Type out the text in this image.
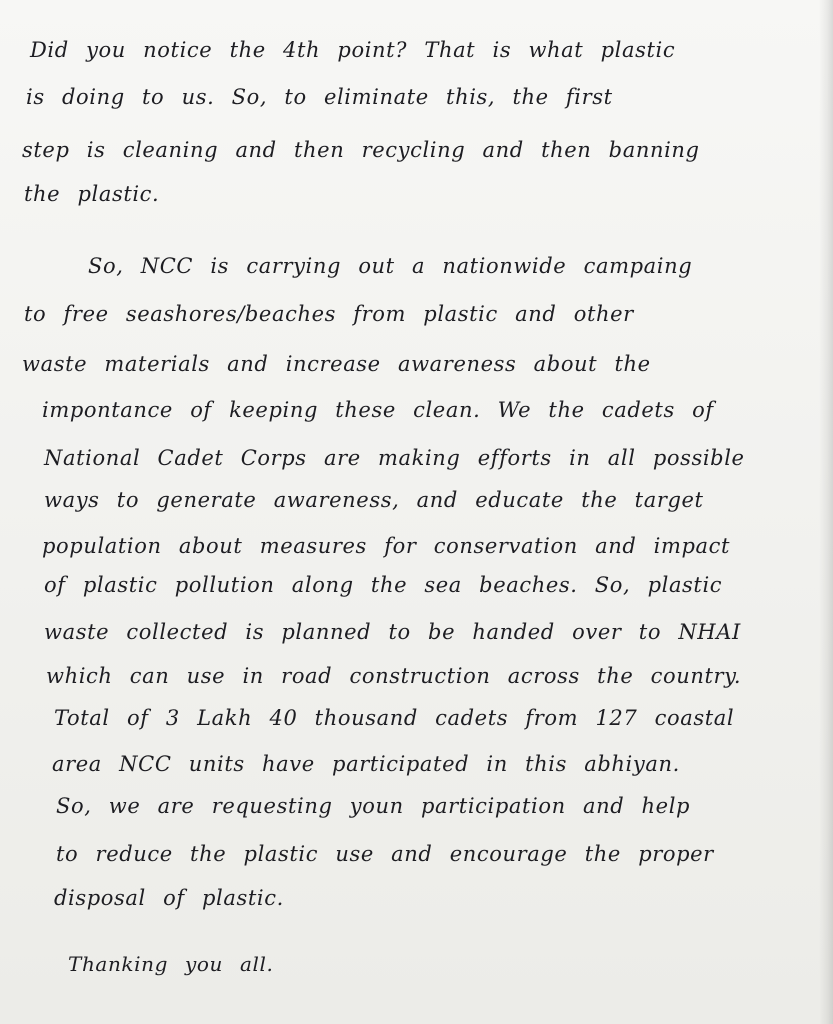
Did you notice the 4th point? That is what plastic
is doing to us. So, to eliminate this, the first
step is cleaning and then recycling and then banning
the plastic.
So, NCC is carrying out a nationwide campaing
to free seashores/beaches from plastic and other
waste materials and increase awareness about the
impontance of keeping these clean. We the cadets of
National Cadet Corps are making efforts in all possible
ways to generate awareness, and educate the target
population about measures for conservation and impact
of plastic pollution along the sea beaches. So, plastic
waste collected is planned to be handed over to NHAI
which can use in road construction across the country.
Total of 3 Lakh 40 thousand cadets from 127 coastal
area NCC units have participated in this abhiyan.
So, we are requesting youn participation and help
to reduce the plastic use and encourage the proper
disposal of plastic.
Thanking you all.
